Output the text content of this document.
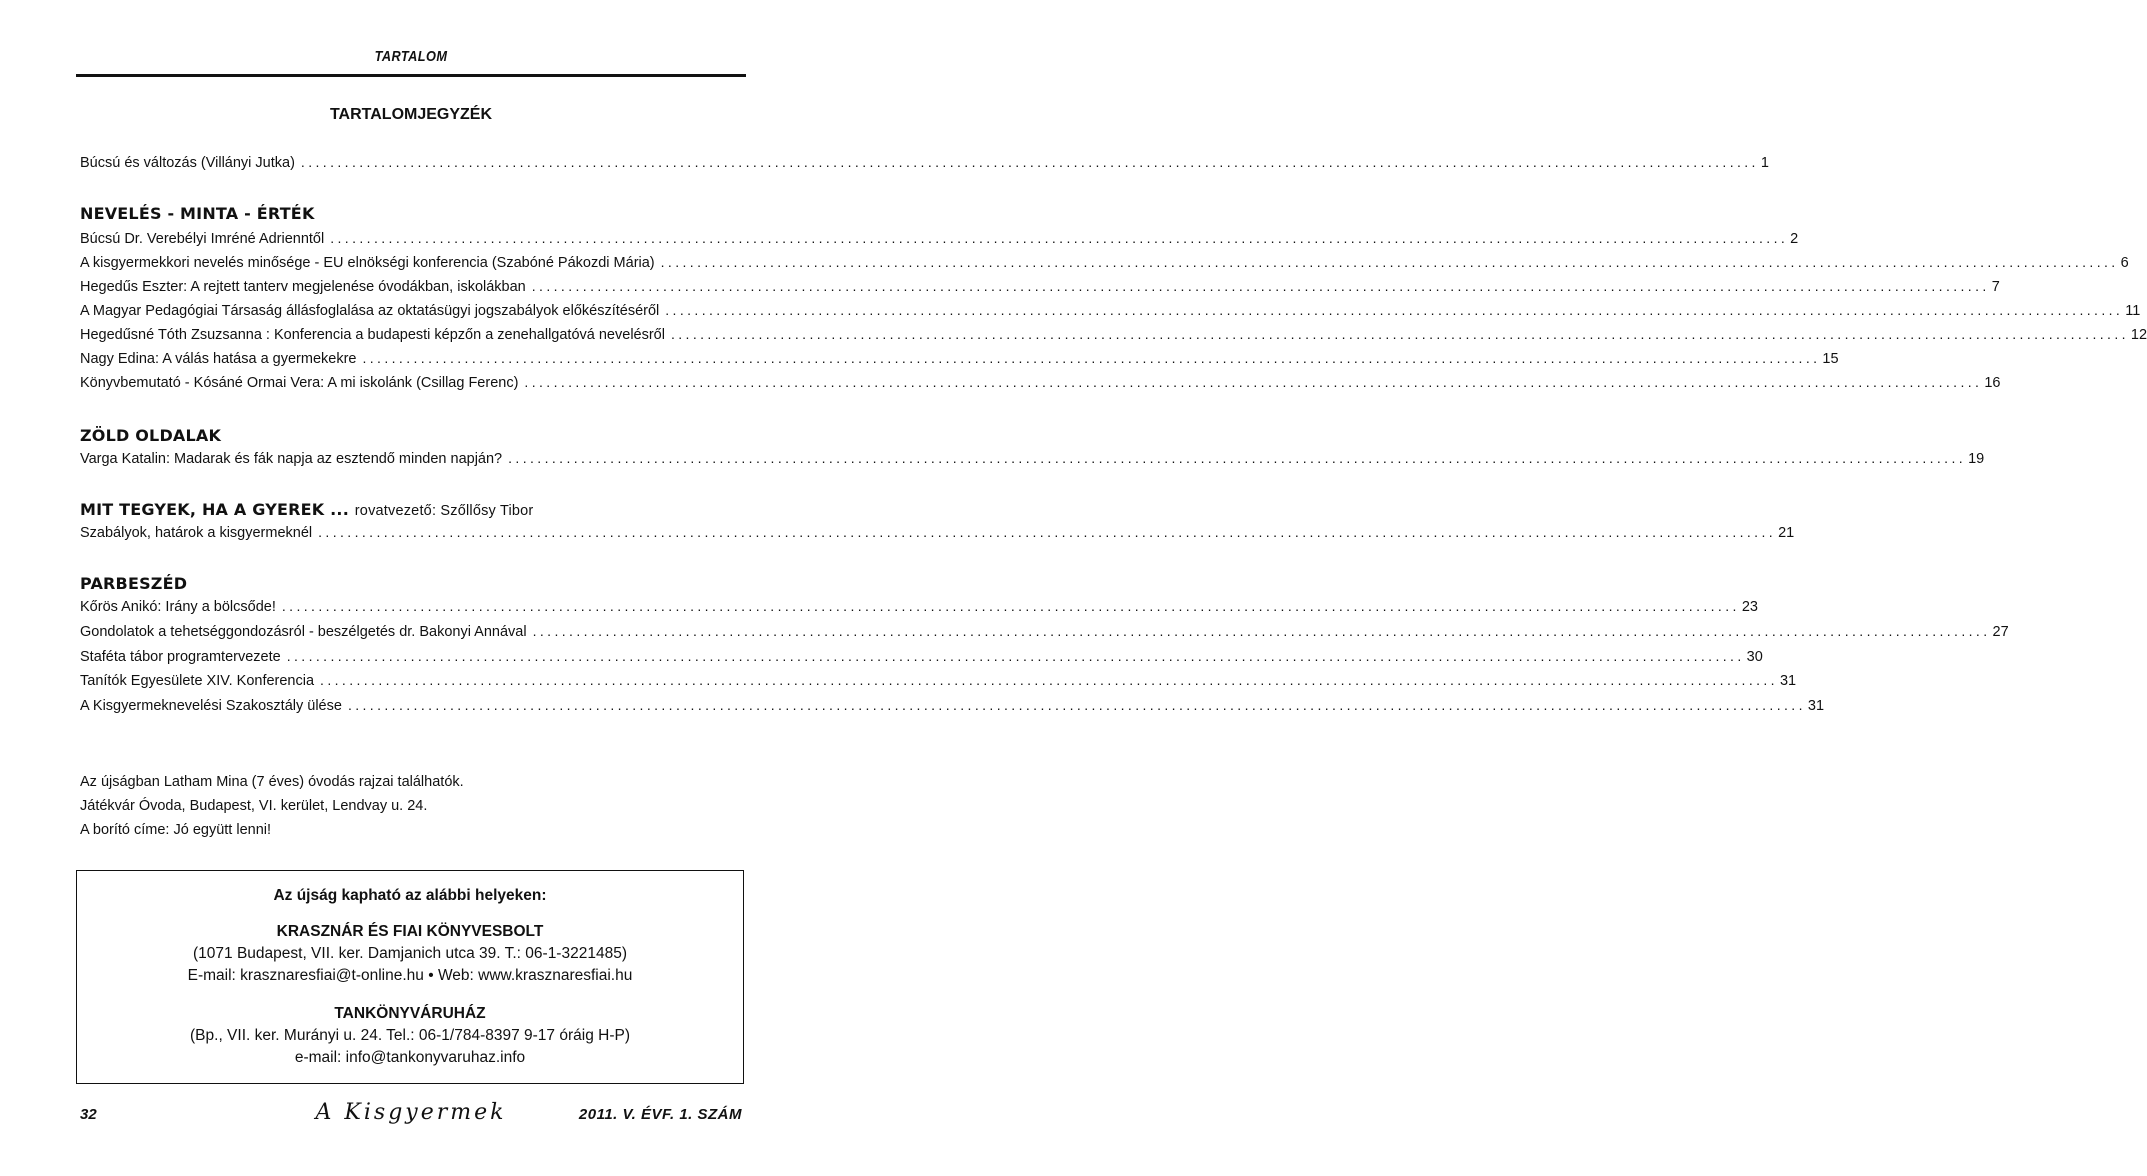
TARTALOM
TARTALOMJEGYZÉK
Búcsú és változás (Villányi Jutka) ........................................................................................................................................................................................................ 1
NEVELÉS - MINTA - ÉRTÉK
Búcsú Dr. Verebélyi Imréné Adrienntől ........................................................................................................................................................................................................ 2
A kisgyermekkori nevelés minősége - EU elnökségi konferencia (Szabóné Pákozdi Mária) ........................................................................................................................................................................................................ 6
Hegedűs Eszter: A rejtett tanterv megjelenése óvodákban, iskolákban ........................................................................................................................................................................................................ 7
A Magyar Pedagógiai Társaság állásfoglalása az oktatásügyi jogszabályok előkészítéséről ........................................................................................................................................................................................................ 11
Hegedűsné Tóth Zsuzsanna : Konferencia a budapesti képzőn a zenehallgatóvá nevelésről ........................................................................................................................................................................................................ 12
Nagy Edina: A válás hatása a gyermekekre ........................................................................................................................................................................................................ 15
Könyvbemutató - Kósáné Ormai Vera: A mi iskolánk (Csillag Ferenc) ........................................................................................................................................................................................................ 16
ZÖLD OLDALAK
Varga Katalin: Madarak és fák napja az esztendő minden napján? ........................................................................................................................................................................................................ 19
MIT TEGYEK, HA A GYEREK ... rovatvezető: Szőllősy Tibor
Szabályok, határok a kisgyermeknél ........................................................................................................................................................................................................ 21
PARBESZÉD
Kőrös Anikó: Irány a bölcsőde! ........................................................................................................................................................................................................ 23
Gondolatok a tehetséggondozásról - beszélgetés dr. Bakonyi Annával ........................................................................................................................................................................................................ 27
Staféta tábor programtervezete ........................................................................................................................................................................................................ 30
Tanítók Egyesülete XIV. Konferencia ........................................................................................................................................................................................................ 31
A Kisgyermeknevelési Szakosztály ülése ........................................................................................................................................................................................................ 31
Az újságban Latham Mina (7 éves) óvodás rajzai találhatók.
Játékvár Óvoda, Budapest, VI. kerület, Lendvay u. 24.
A borító címe: Jó együtt lenni!
Az újság kapható az alábbi helyeken:
KRASZNÁR ÉS FIAI KÖNYVESBOLT
(1071 Budapest, VII. ker. Damjanich utca 39. T.: 06-1-3221485)
E-mail: krasznaresfiai@t-online.hu • Web: www.krasznaresfiai.hu
TANKÖNYVÁRUHÁZ
(Bp., VII. ker. Murányi u. 24. Tel.: 06-1/784-8397 9-17 óráig H-P)
e-mail: info@tankonyvaruhaz.info
32	A Kisgyermek	2011. V. ÉVF. 1. SZÁM
